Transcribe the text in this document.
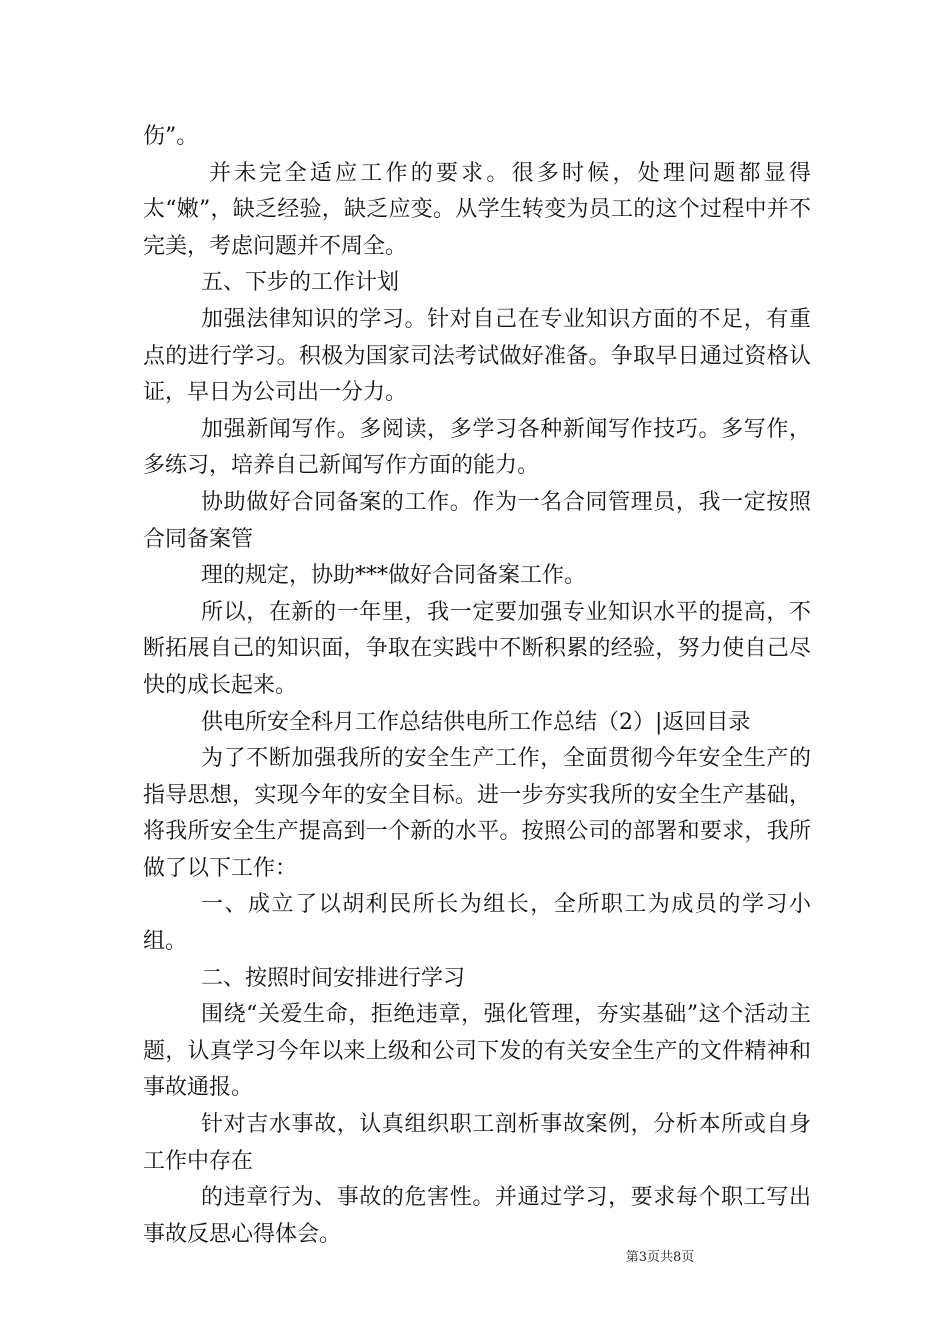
伤”。

并未完全适应工作的要求。很多时候，处理问题都显得太“嫩”，缺乏经验，缺乏应变。从学生转变为员工的这个过程中并不完美，考虑问题并不周全。

五、下步的工作计划

加强法律知识的学习。针对自己在专业知识方面的不足，有重点的进行学习。积极为国家司法考试做好准备。争取早日通过资格认证，早日为公司出一分力。

加强新闻写作。多阅读，多学习各种新闻写作技巧。多写作，多练习，培养自己新闻写作方面的能力。

协助做好合同备案的工作。作为一名合同管理员，我一定按照合同备案管

理的规定，协助***做好合同备案工作。

所以，在新的一年里，我一定要加强专业知识水平的提高，不断拓展自己的知识面，争取在实践中不断积累的经验，努力使自己尽快的成长起来。

供电所安全科月工作总结供电所工作总结（2）|返回目录

为了不断加强我所的安全生产工作，全面贯彻今年安全生产的指导思想，实现今年的安全目标。进一步夯实我所的安全生产基础，将我所安全生产提高到一个新的水平。按照公司的部署和要求，我所做了以下工作：

一、成立了以胡利民所长为组长，全所职工为成员的学习小组。

二、按照时间安排进行学习

围绕“关爱生命，拒绝违章，强化管理，夯实基础”这个活动主题，认真学习今年以来上级和公司下发的有关安全生产的文件精神和事故通报。

针对吉水事故，认真组织职工剖析事故案例，分析本所或自身工作中存在

的违章行为、事故的危害性。并通过学习，要求每个职工写出事故反思心得体会。

第3页共8页
